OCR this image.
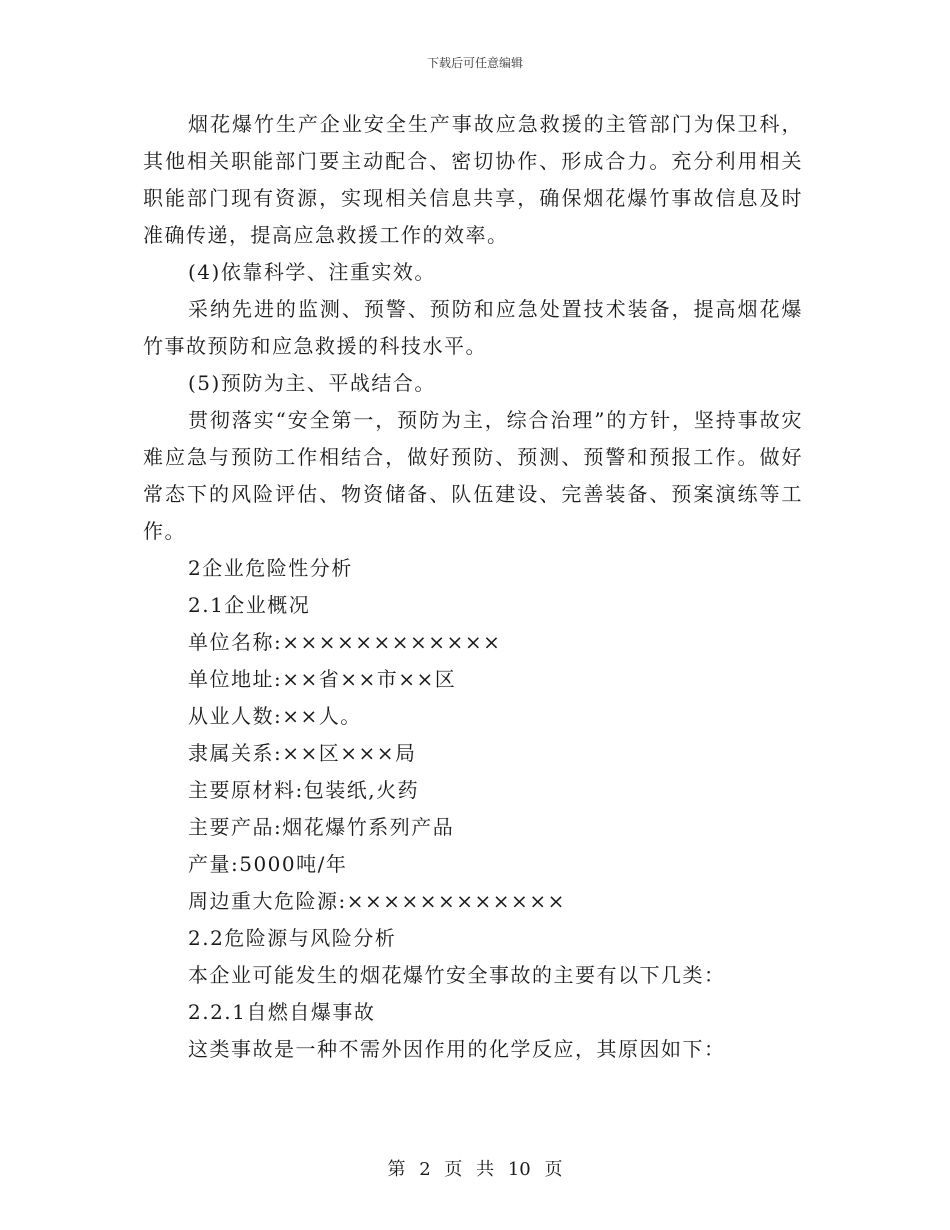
下载后可任意编辑

烟花爆竹生产企业安全生产事故应急救援的主管部门为保卫科，其他相关职能部门要主动配合、密切协作、形成合力。充分利用相关职能部门现有资源，实现相关信息共享，确保烟花爆竹事故信息及时准确传递，提高应急救援工作的效率。

(4)依靠科学、注重实效。

采纳先进的监测、预警、预防和应急处置技术装备，提高烟花爆竹事故预防和应急救援的科技水平。

(5)预防为主、平战结合。

贯彻落实“安全第一，预防为主，综合治理”的方针，坚持事故灾难应急与预防工作相结合，做好预防、预测、预警和预报工作。做好常态下的风险评估、物资储备、队伍建设、完善装备、预案演练等工作。

2企业危险性分析

2.1企业概况

单位名称:××××××××××××

单位地址:××省××市××区

从业人数:××人。

隶属关系:××区×××局

主要原材料:包装纸,火药

主要产品:烟花爆竹系列产品

产量:5000吨/年

周边重大危险源:××××××××××××

2.2危险源与风险分析

本企业可能发生的烟花爆竹安全事故的主要有以下几类：

2.2.1自燃自爆事故

这类事故是一种不需外因作用的化学反应，其原因如下：

第 2 页 共 10 页
